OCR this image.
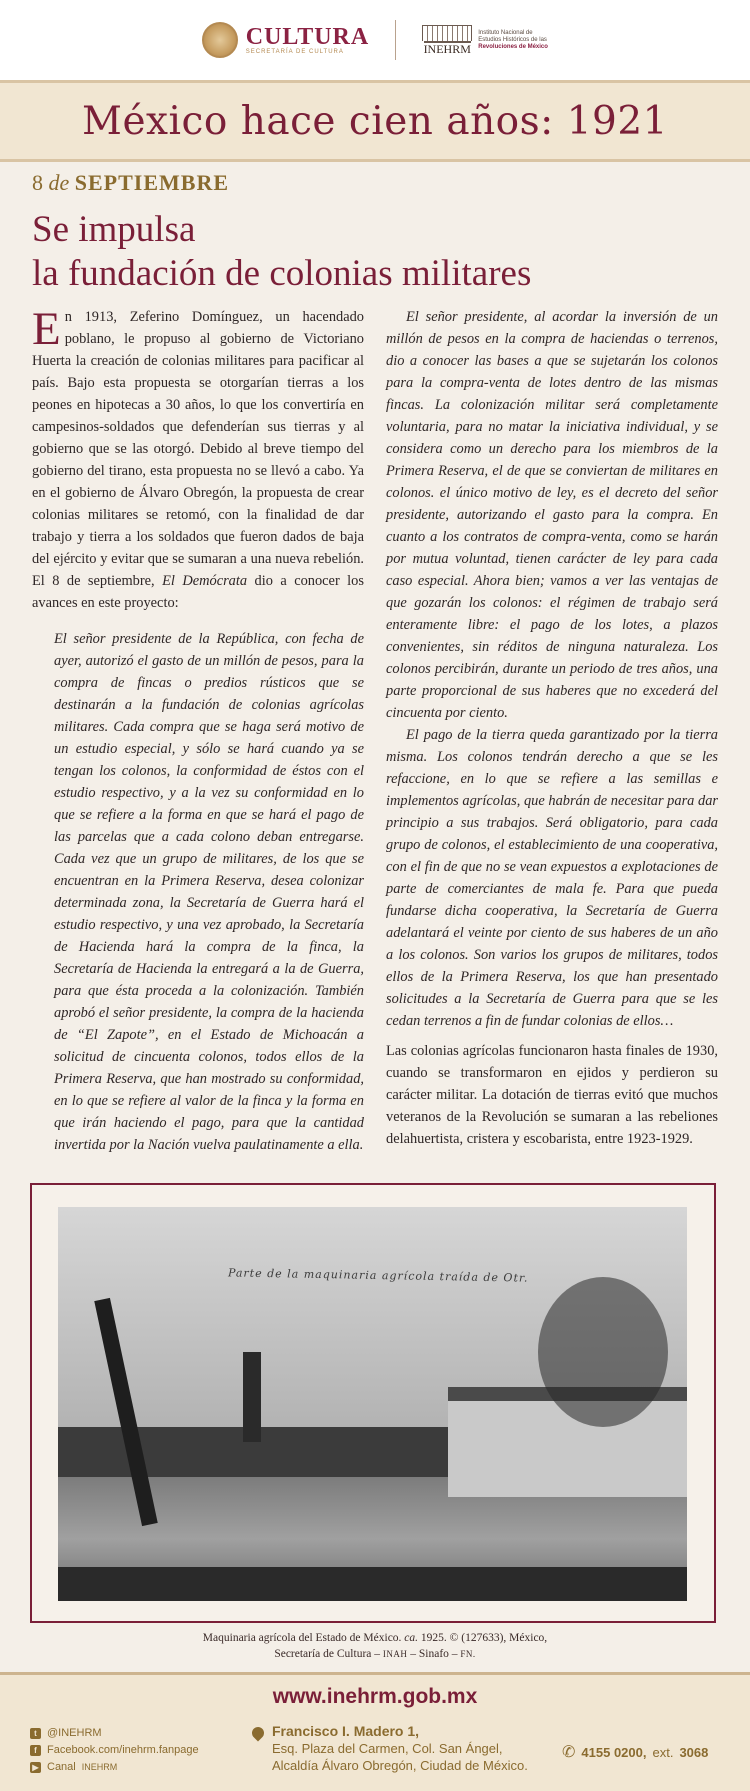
CULTURA
SECRETARÍA DE CULTURA	INEHRM
Instituto Nacional de
Estudios Históricos de las
Revoluciones de México
México hace cien años: 1921
8 de SEPTIEMBRE
Se impulsa
la fundación de colonias militares

En 1913, Zeferino Domínguez, un hacendado poblano, le propuso al gobierno de Victoriano Huerta la creación de colonias militares para pacificar al país. Bajo esta propuesta se otorgarían tierras a los peones en hipotecas a 30 años, lo que los convertiría en campesinos-soldados que defenderían sus tierras y al gobierno que se las otorgó. Debido al breve tiempo del gobierno del tirano, esta propuesta no se llevó a cabo. Ya en el gobierno de Álvaro Obregón, la propuesta de crear colonias militares se retomó, con la finalidad de dar trabajo y tierra a los soldados que fueron dados de baja del ejército y evitar que se sumaran a una nueva rebelión. El 8 de septiembre, El Demócrata dio a conocer los avances en este proyecto:

El señor presidente de la República, con fecha de ayer, autorizó el gasto de un millón de pesos, para la compra de fincas o predios rústicos que se destinarán a la fundación de colonias agrícolas militares. Cada compra que se haga será motivo de un estudio especial, y sólo se hará cuando ya se tengan los colonos, la conformidad de éstos con el estudio respectivo, y a la vez su conformidad en lo que se refiere a la forma en que se hará el pago de las parcelas que a cada colono deban entregarse. Cada vez que un grupo de militares, de los que se encuentran en la Primera Reserva, desea colonizar determinada zona, la Secretaría de Guerra hará el estudio respectivo, y una vez aprobado, la Secretaría de Hacienda hará la compra de la finca, la Secretaría de Hacienda la entregará a la de Guerra, para que ésta proceda a la colonización. También aprobó el señor presidente, la compra de la hacienda de “El Zapote”, en el Estado de Michoacán a solicitud de cincuenta colonos, todos ellos de la Primera Reserva, que han mostrado su conformidad, en lo que se refiere al valor de la finca y la forma en que irán haciendo el pago, para que la cantidad invertida por la Nación vuelva paulatinamente a ella.

El señor presidente, al acordar la inversión de un millón de pesos en la compra de haciendas o terrenos, dio a conocer las bases a que se sujetarán los colonos para la compra-venta de lotes dentro de las mismas fincas. La colonización militar será completamente voluntaria, para no matar la iniciativa individual, y se considera como un derecho para los miembros de la Primera Reserva, el de que se conviertan de militares en colonos. el único motivo de ley, es el decreto del señor presidente, autorizando el gasto para la compra. En cuanto a los contratos de compra-venta, como se harán por mutua voluntad, tienen carácter de ley para cada caso especial. Ahora bien; vamos a ver las ventajas de que gozarán los colonos: el régimen de trabajo será enteramente libre: el pago de los lotes, a plazos convenientes, sin réditos de ninguna naturaleza. Los colonos percibirán, durante un periodo de tres años, una parte proporcional de sus haberes que no excederá del cincuenta por ciento.

El pago de la tierra queda garantizado por la tierra misma. Los colonos tendrán derecho a que se les refaccione, en lo que se refiere a las semillas e implementos agrícolas, que habrán de necesitar para dar principio a sus trabajos. Será obligatorio, para cada grupo de colonos, el establecimiento de una cooperativa, con el fin de que no se vean expuestos a explotaciones de parte de comerciantes de mala fe. Para que pueda fundarse dicha cooperativa, la Secretaría de Guerra adelantará el veinte por ciento de sus haberes de un año a los colonos. Son varios los grupos de militares, todos ellos de la Primera Reserva, los que han presentado solicitudes a la Secretaría de Guerra para que se les cedan terrenos a fin de fundar colonias de ellos…

Las colonias agrícolas funcionaron hasta finales de 1930, cuando se transformaron en ejidos y perdieron su carácter militar. La dotación de tierras evitó que muchos veteranos de la Revolución se sumaran a las rebeliones delahuertista, cristera y escobarista, entre 1923-1929.

Parte de la maquinaria agrícola traída de Otr.
Maquinaria agrícola del Estado de México. ca. 1925. © (127633), México,
Secretaría de Cultura – INAH – Sinafo – FN.
www.inehrm.gob.mx
t @INEHRM
f Facebook.com/inehrm.fanpage
▶ Canal INEHRM
Francisco I. Madero 1,
Esq. Plaza del Carmen, Col. San Ángel,
Alcaldía Álvaro Obregón, Ciudad de México.
✆ 4155 0200, ext. 3068
